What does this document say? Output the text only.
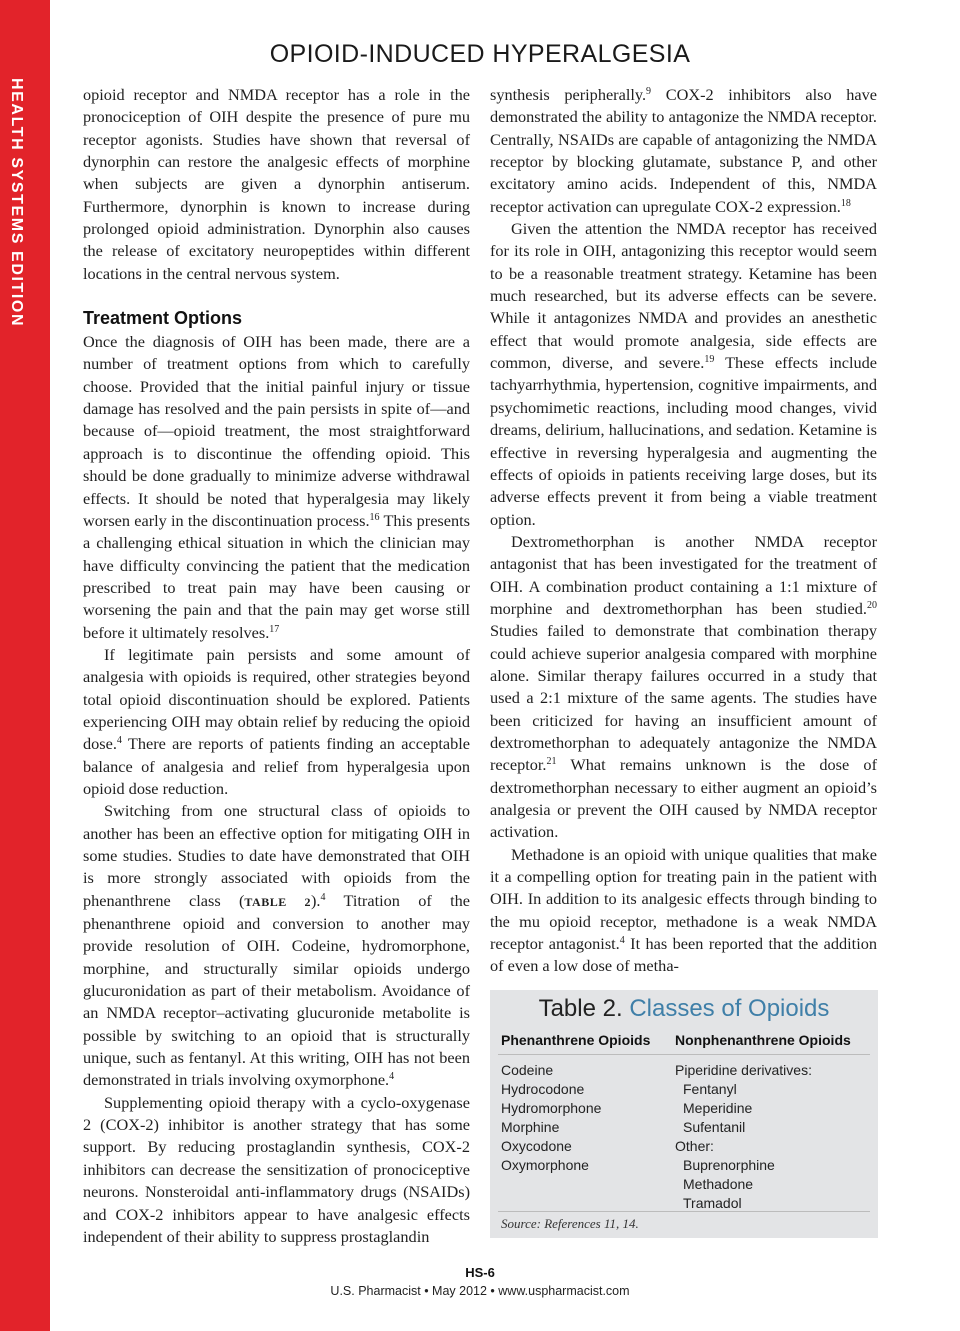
HEALTH SYSTEMS EDITION
OPIOID-INDUCED HYPERALGESIA

opioid receptor and NMDA receptor has a role in the pronociception of OIH despite the presence of pure mu receptor agonists. Studies have shown that reversal of dynorphin can restore the analgesic effects of morphine when subjects are given a dynorphin antiserum. Furthermore, dynorphin is known to increase during prolonged opioid administration. Dynorphin also causes the release of excitatory neuropeptides within different locations in the central nervous system.

Treatment Options

Once the diagnosis of OIH has been made, there are a number of treatment options from which to carefully choose. Provided that the initial painful injury or tissue damage has resolved and the pain persists in spite of—and because of—opioid treatment, the most straightforward approach is to discontinue the offending opioid. This should be done gradually to minimize adverse withdrawal effects. It should be noted that hyperalgesia may likely worsen early in the discontinuation process.$^{16}$ This presents a challenging ethical situation in which the clinician may have difficulty convincing the patient that the medication prescribed to treat pain may have been causing or worsening the pain and that the pain may get worse still before it ultimately resolves.$^{17}$

If legitimate pain persists and some amount of analgesia with opioids is required, other strategies beyond total opioid discontinuation should be explored. Patients experiencing OIH may obtain relief by reducing the opioid dose.$^4$ There are reports of patients finding an acceptable balance of analgesia and relief from hyperalgesia upon opioid dose reduction.

Switching from one structural class of opioids to another has been an effective option for mitigating OIH in some studies. Studies to date have demonstrated that OIH is more strongly associated with opioids from the phenanthrene class (TABLE 2).$^4$ Titration of the phenanthrene opioid and conversion to another may provide resolution of OIH. Codeine, hydromorphone, morphine, and structurally similar opioids undergo glucuronidation as part of their metabolism. Avoidance of an NMDA receptor–activating glucuronide metabolite is possible by switching to an opioid that is structurally unique, such as fentanyl. At this writing, OIH has not been demonstrated in trials involving oxymorphone.$^4$

Supplementing opioid therapy with a cyclo-oxygenase 2 (COX-2) inhibitor is another strategy that has some support. By reducing prostaglandin synthesis, COX-2 inhibitors can decrease the sensitization of pronociceptive neurons. Nonsteroidal anti-inflammatory drugs (NSAIDs) and COX-2 inhibitors appear to have analgesic effects independent of their ability to suppress prostaglandin

synthesis peripherally.$^9$ COX-2 inhibitors also have demonstrated the ability to antagonize the NMDA receptor. Centrally, NSAIDs are capable of antagonizing the NMDA receptor by blocking glutamate, substance P, and other excitatory amino acids. Independent of this, NMDA receptor activation can upregulate COX-2 expression.$^{18}$

Given the attention the NMDA receptor has received for its role in OIH, antagonizing this receptor would seem to be a reasonable treatment strategy. Ketamine has been much researched, but its adverse effects can be severe. While it antagonizes NMDA and provides an anesthetic effect that would promote analgesia, side effects are common, diverse, and severe.$^{19}$ These effects include tachyarrhythmia, hypertension, cognitive impairments, and psychomimetic reactions, including mood changes, vivid dreams, delirium, hallucinations, and sedation. Ketamine is effective in reversing hyperalgesia and augmenting the effects of opioids in patients receiving large doses, but its adverse effects prevent it from being a viable treatment option.

Dextromethorphan is another NMDA receptor antagonist that has been investigated for the treatment of OIH. A combination product containing a 1:1 mixture of morphine and dextromethorphan has been studied.$^{20}$ Studies failed to demonstrate that combination therapy could achieve superior analgesia compared with morphine alone. Similar therapy failures occurred in a study that used a 2:1 mixture of the same agents. The studies have been criticized for having an insufficient amount of dextromethorphan to adequately antagonize the NMDA receptor.$^{21}$ What remains unknown is the dose of dextromethorphan necessary to either augment an opioid’s analgesia or prevent the OIH caused by NMDA receptor activation.

Methadone is an opioid with unique qualities that make it a compelling option for treating pain in the patient with OIH. In addition to its analgesic effects through binding to the mu opioid receptor, methadone is a weak NMDA receptor antagonist.$^4$ It has been reported that the addition of even a low dose of metha-

Table 2. Classes of Opioids
Phenanthrene Opioids Nonphenanthrene Opioids
Codeine
Hydrocodone
Hydromorphone
Morphine
Oxycodone
Oxymorphone
Piperidine derivatives:
Fentanyl
Meperidine
Sufentanil
Other:
Buprenorphine
Methadone
Tramadol
Source: References 11, 14.
HS-6
U.S. Pharmacist • May 2012 • www.uspharmacist.com
